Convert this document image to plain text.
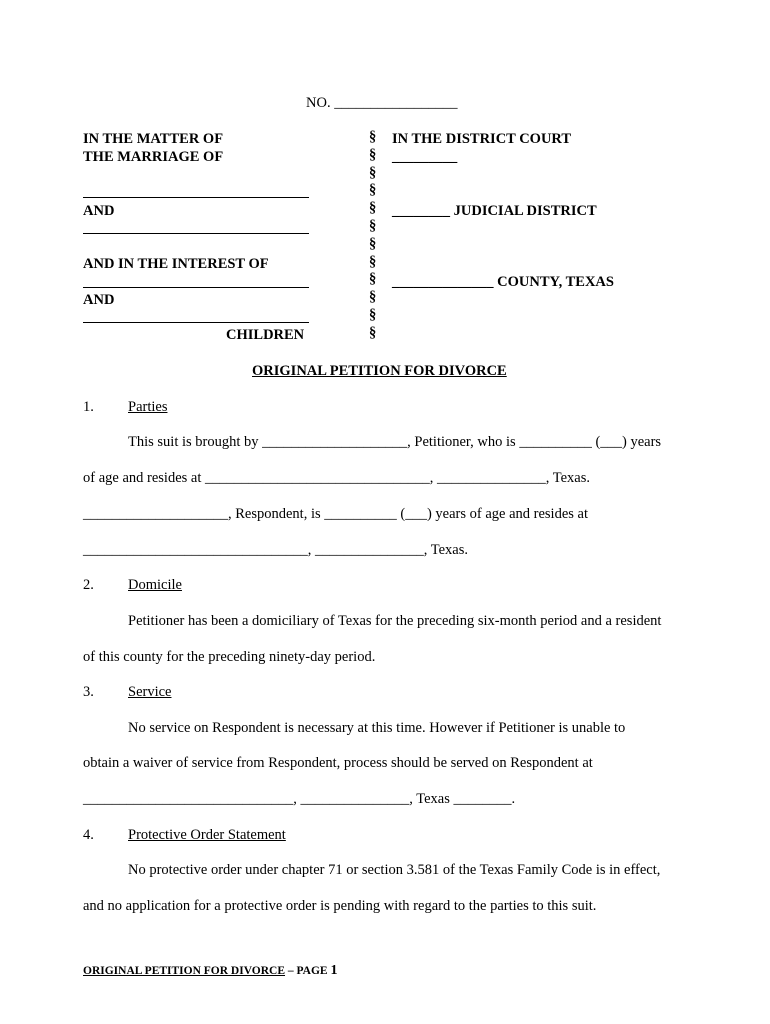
NO. _________________
IN THE MATTER OF
THE MARRIAGE OF
AND
AND IN THE INTEREST OF
AND
CHILDREN
§
§
§
§
§
§
§
§
§
§
§
§
IN THE DISTRICT COURT
_________
________ JUDICIAL DISTRICT
______________ COUNTY, TEXAS
ORIGINAL PETITION FOR DIVORCE
1. Parties
This suit is brought by ____________________, Petitioner, who is __________ (___) years
of age and resides at _______________________________, _______________, Texas.
____________________, Respondent, is __________ (___) years of age and resides at
_______________________________, _______________, Texas.
2. Domicile
Petitioner has been a domiciliary of Texas for the preceding six-month period and a resident
of this county for the preceding ninety-day period.
3. Service
No service on Respondent is necessary at this time. However if Petitioner is unable to
obtain a waiver of service from Respondent, process should be served on Respondent at
_____________________________, _______________, Texas ________.
4. Protective Order Statement
No protective order under chapter 71 or section 3.581 of the Texas Family Code is in effect,
and no application for a protective order is pending with regard to the parties to this suit.
ORIGINAL PETITION FOR DIVORCE – PAGE 1
